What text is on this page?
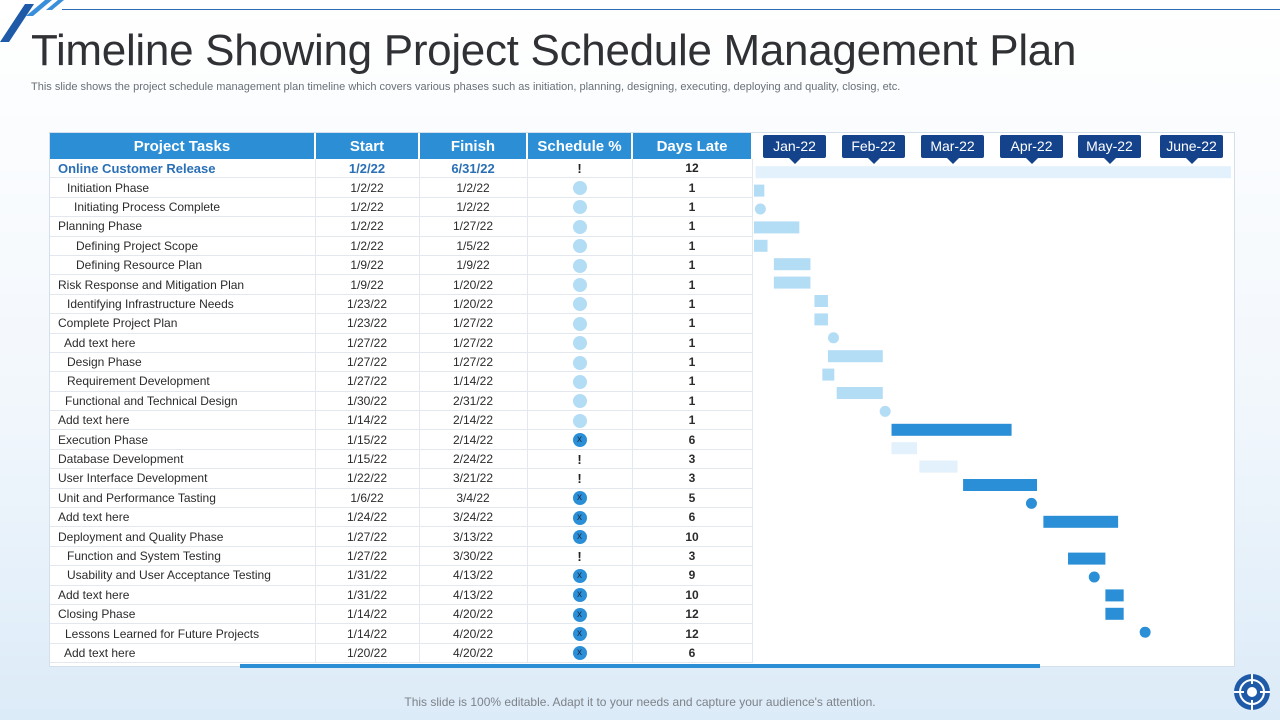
Timeline Showing Project Schedule Management Plan
This slide shows the project schedule management plan timeline which covers various phases such as initiation, planning, designing, executing, deploying and quality, closing, etc.
Project Tasks	Start	Finish	Schedule %	Days Late
Online Customer Release	1/2/22	6/31/22	!	12
Initiation Phase	1/2/22	1/2/22		1
Initiating Process Complete	1/2/22	1/2/22		1
Planning Phase	1/2/22	1/27/22		1
Defining Project Scope	1/2/22	1/5/22		1
Defining Resource Plan	1/9/22	1/9/22		1
Risk Response and Mitigation Plan	1/9/22	1/20/22		1
Identifying Infrastructure Needs	1/23/22	1/20/22		1
Complete Project Plan	1/23/22	1/27/22		1
Add text here	1/27/22	1/27/22		1
Design Phase	1/27/22	1/27/22		1
Requirement Development	1/27/22	1/14/22		1
Functional and Technical Design	1/30/22	2/31/22		1
Add text here	1/14/22	2/14/22		1
Execution Phase	1/15/22	2/14/22	x	6
Database Development	1/15/22	2/24/22	!	3
User Interface Development	1/22/22	3/21/22	!	3
Unit and Performance Tasting	1/6/22	3/4/22	x	5
Add text here	1/24/22	3/24/22	x	6
Deployment and Quality Phase	1/27/22	3/13/22	x	10
Function and System Testing	1/27/22	3/30/22	!	3
Usability and User Acceptance Testing	1/31/22	4/13/22	x	9
Add text here	1/31/22	4/13/22	x	10
Closing Phase	1/14/22	4/20/22	x	12
Lessons Learned for Future Projects	1/14/22	4/20/22	x	12
Add text here	1/20/22	4/20/22	x	6
Jan-22	Feb-22	Mar-22	Apr-22	May-22	June-22
This slide is 100% editable. Adapt it to your needs and capture your audience's attention.
